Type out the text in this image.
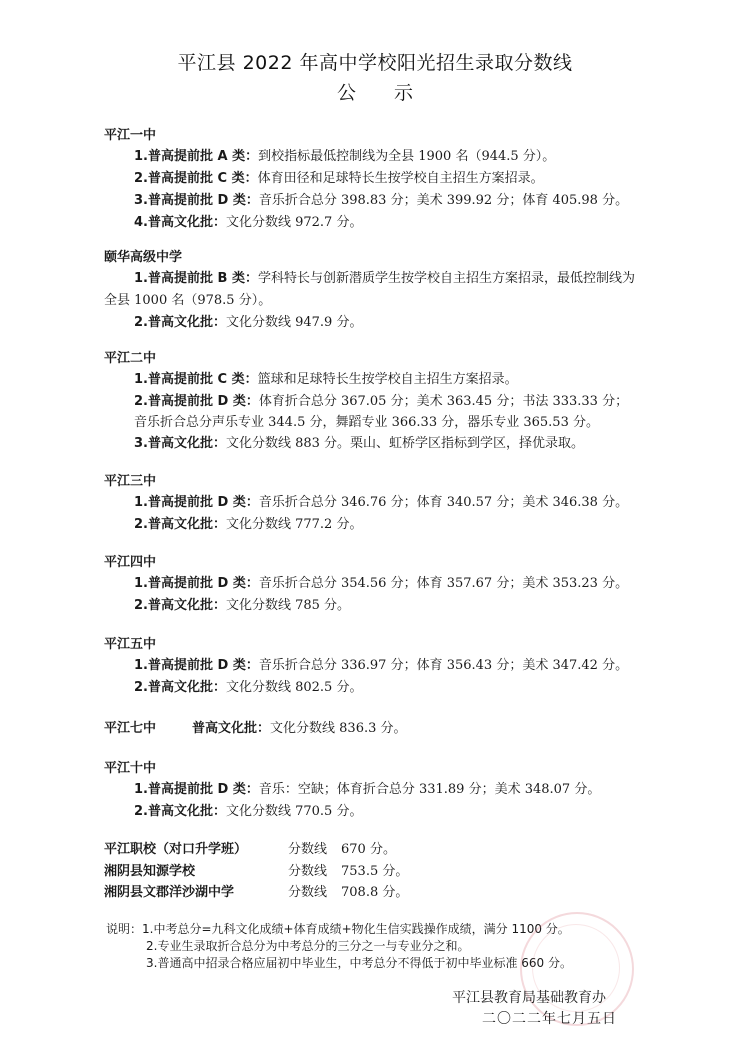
平江县 2022 年高中学校阳光招生录取分数线
公示
平江一中
1.普高提前批 A 类：到校指标最低控制线为全县 1900 名（944.5 分）。
2.普高提前批 C 类：体育田径和足球特长生按学校自主招生方案招录。
3.普高提前批 D 类：音乐折合总分 398.83 分；美术 399.92 分；体育 405.98 分。
4.普高文化批：文化分数线 972.7 分。
颐华高级中学
1.普高提前批 B 类：学科特长与创新潜质学生按学校自主招生方案招录，最低控制线为
全县 1000 名（978.5 分）。
2.普高文化批：文化分数线 947.9 分。
平江二中
1.普高提前批 C 类：篮球和足球特长生按学校自主招生方案招录。
2.普高提前批 D 类：体育折合总分 367.05 分；美术 363.45 分；书法 333.33 分；
音乐折合总分声乐专业 344.5 分，舞蹈专业 366.33 分，器乐专业 365.53 分。
3.普高文化批：文化分数线 883 分。栗山、虹桥学区指标到学区，择优录取。
平江三中
1.普高提前批 D 类：音乐折合总分 346.76 分；体育 340.57 分；美术 346.38 分。
2.普高文化批：文化分数线 777.2 分。
平江四中
1.普高提前批 D 类：音乐折合总分 354.56 分；体育 357.67 分；美术 353.23 分。
2.普高文化批：文化分数线 785 分。
平江五中
1.普高提前批 D 类：音乐折合总分 336.97 分；体育 356.43 分；美术 347.42 分。
2.普高文化批：文化分数线 802.5 分。
平江七中	普高文化批：文化分数线 836.3 分。
平江十中
1.普高提前批 D 类：音乐：空缺；体育折合总分 331.89 分；美术 348.07 分。
2.普高文化批：文化分数线 770.5 分。
平江职校（对口升学班）	分数线 670 分。
湘阴县知源学校	分数线 753.5 分。
湘阴县文郡洋沙湖中学	分数线 708.8 分。
说明：1.中考总分=九科文化成绩+体育成绩+物化生信实践操作成绩，满分 1100 分。
2.专业生录取折合总分为中考总分的三分之一与专业分之和。
3.普通高中招录合格应届初中毕业生，中考总分不得低于初中毕业标准 660 分。
平江县教育局基础教育办
二〇二二年七月五日
